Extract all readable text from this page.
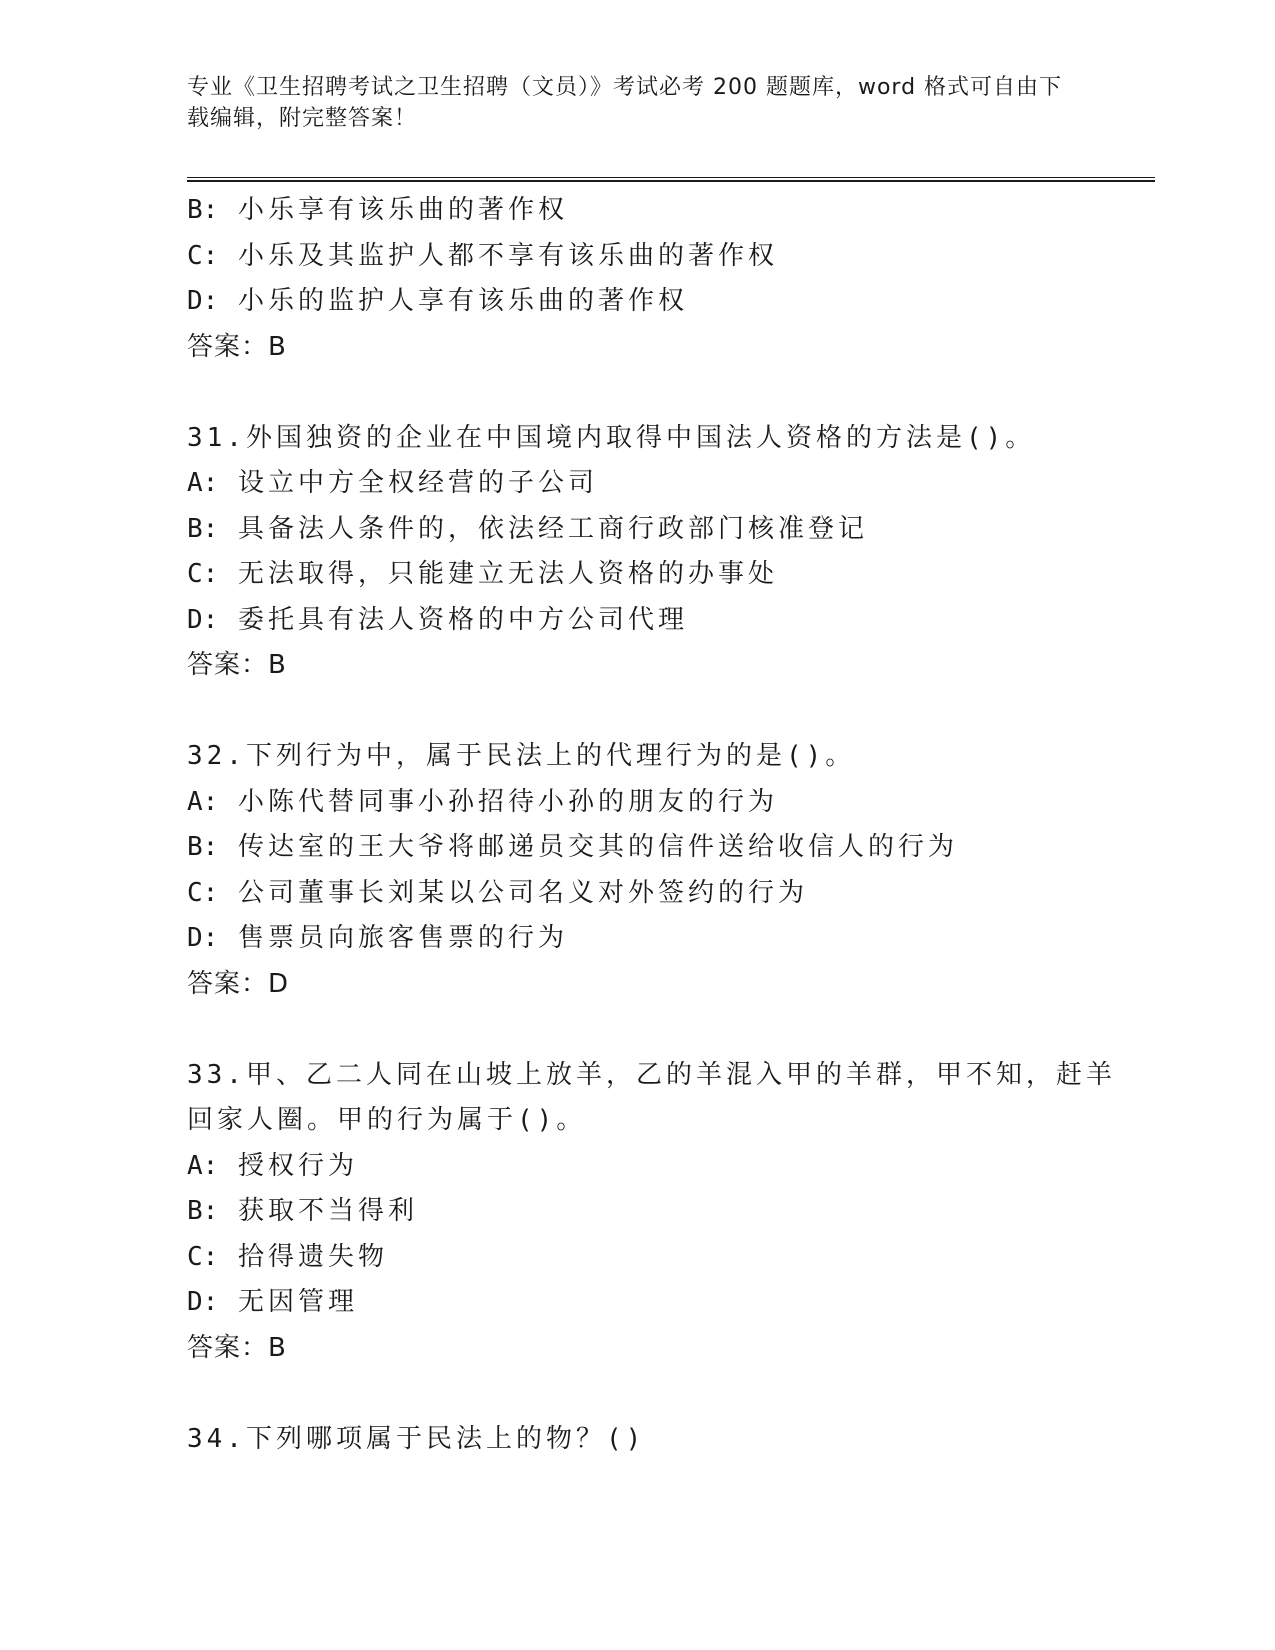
专业《卫生招聘考试之卫生招聘（文员）》考试必考 200 题题库，word 格式可自由下载编辑，附完整答案！
B: 小乐享有该乐曲的著作权
C: 小乐及其监护人都不享有该乐曲的著作权
D: 小乐的监护人享有该乐曲的著作权
答案：B
31.外国独资的企业在中国境内取得中国法人资格的方法是()。
A: 设立中方全权经营的子公司
B: 具备法人条件的，依法经工商行政部门核准登记
C: 无法取得，只能建立无法人资格的办事处
D: 委托具有法人资格的中方公司代理
答案：B
32.下列行为中，属于民法上的代理行为的是()。
A: 小陈代替同事小孙招待小孙的朋友的行为
B: 传达室的王大爷将邮递员交其的信件送给收信人的行为
C: 公司董事长刘某以公司名义对外签约的行为
D: 售票员向旅客售票的行为
答案：D
33.甲、乙二人同在山坡上放羊，乙的羊混入甲的羊群，甲不知，赶羊
回家人圈。甲的行为属于()。
A: 授权行为
B: 获取不当得利
C: 拾得遗失物
D: 无因管理
答案：B
34.下列哪项属于民法上的物？()
